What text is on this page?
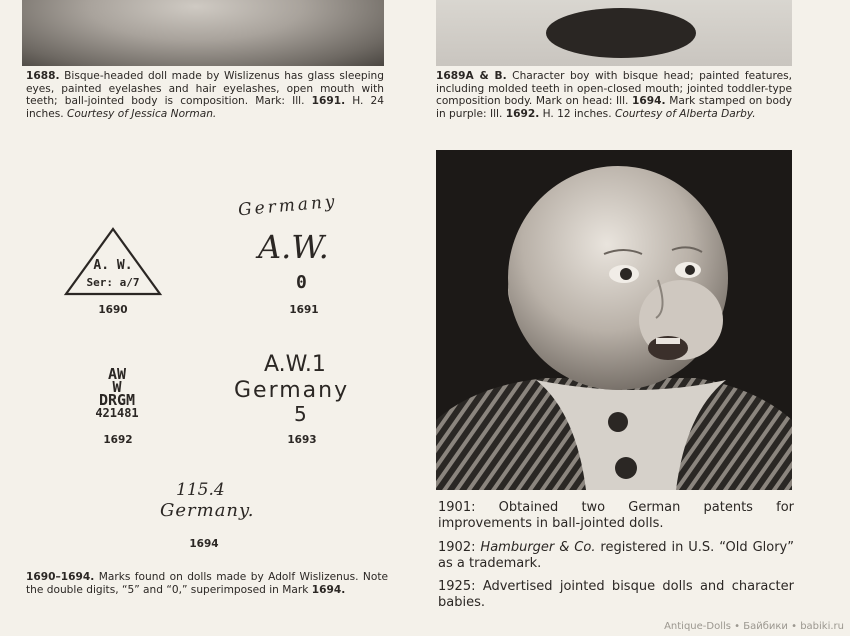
1688. Bisque-headed doll made by Wislizenus has glass sleeping eyes, painted eyelashes and hair eyelashes, open mouth with teeth; ball-jointed body is composition. Mark: Ill. 1691. H. 24 inches. Courtesy of Jessica Norman.
1689A & B. Character boy with bisque head; painted features, including molded teeth in open-closed mouth; jointed toddler-type composition body. Mark on head: Ill. 1694. Mark stamped on body in purple: Ill. 1692. H. 12 inches. Courtesy of Alberta Darby.
A. W.
Ser: a/7
1690
Germany
A.W.
0
1691
AW
W
DRGM
421481
1692
A.W.1
Germany
5
1693
115.4
Germany.
1694
1690–1694. Marks found on dolls made by Adolf Wislizenus. Note the double digits, “5” and “0,” superimposed in Mark 1694.
1901: Obtained two German patents for improvements in ball-jointed dolls.
1902: Hamburger & Co. registered in U.S. “Old Glory” as a trademark.
1925: Advertised jointed bisque dolls and character babies.
Antique-Dolls • Байбики • babiki.ru
